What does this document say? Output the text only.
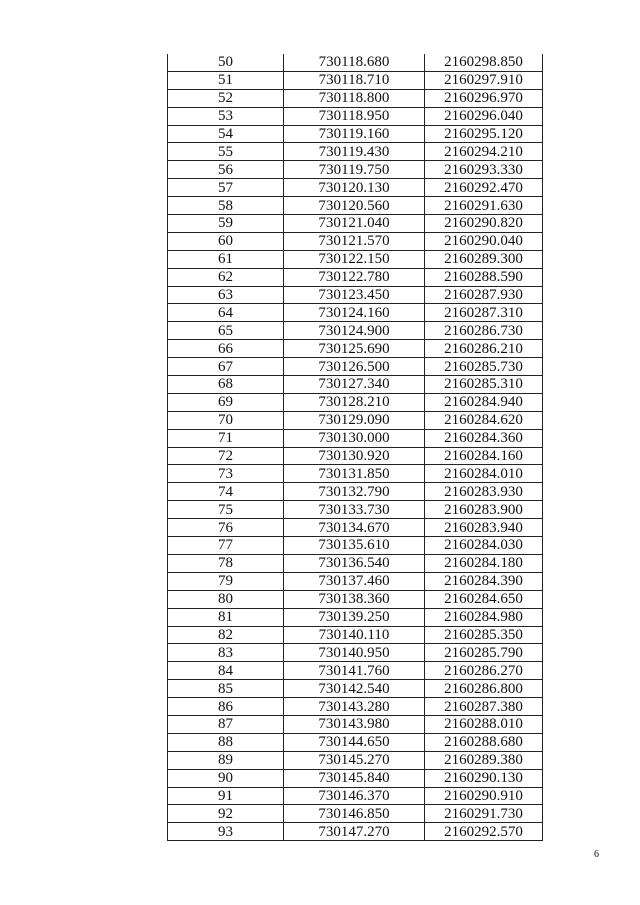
50	730118.680	2160298.850
51	730118.710	2160297.910
52	730118.800	2160296.970
53	730118.950	2160296.040
54	730119.160	2160295.120
55	730119.430	2160294.210
56	730119.750	2160293.330
57	730120.130	2160292.470
58	730120.560	2160291.630
59	730121.040	2160290.820
60	730121.570	2160290.040
61	730122.150	2160289.300
62	730122.780	2160288.590
63	730123.450	2160287.930
64	730124.160	2160287.310
65	730124.900	2160286.730
66	730125.690	2160286.210
67	730126.500	2160285.730
68	730127.340	2160285.310
69	730128.210	2160284.940
70	730129.090	2160284.620
71	730130.000	2160284.360
72	730130.920	2160284.160
73	730131.850	2160284.010
74	730132.790	2160283.930
75	730133.730	2160283.900
76	730134.670	2160283.940
77	730135.610	2160284.030
78	730136.540	2160284.180
79	730137.460	2160284.390
80	730138.360	2160284.650
81	730139.250	2160284.980
82	730140.110	2160285.350
83	730140.950	2160285.790
84	730141.760	2160286.270
85	730142.540	2160286.800
86	730143.280	2160287.380
87	730143.980	2160288.010
88	730144.650	2160288.680
89	730145.270	2160289.380
90	730145.840	2160290.130
91	730146.370	2160290.910
92	730146.850	2160291.730
93	730147.270	2160292.570
6
